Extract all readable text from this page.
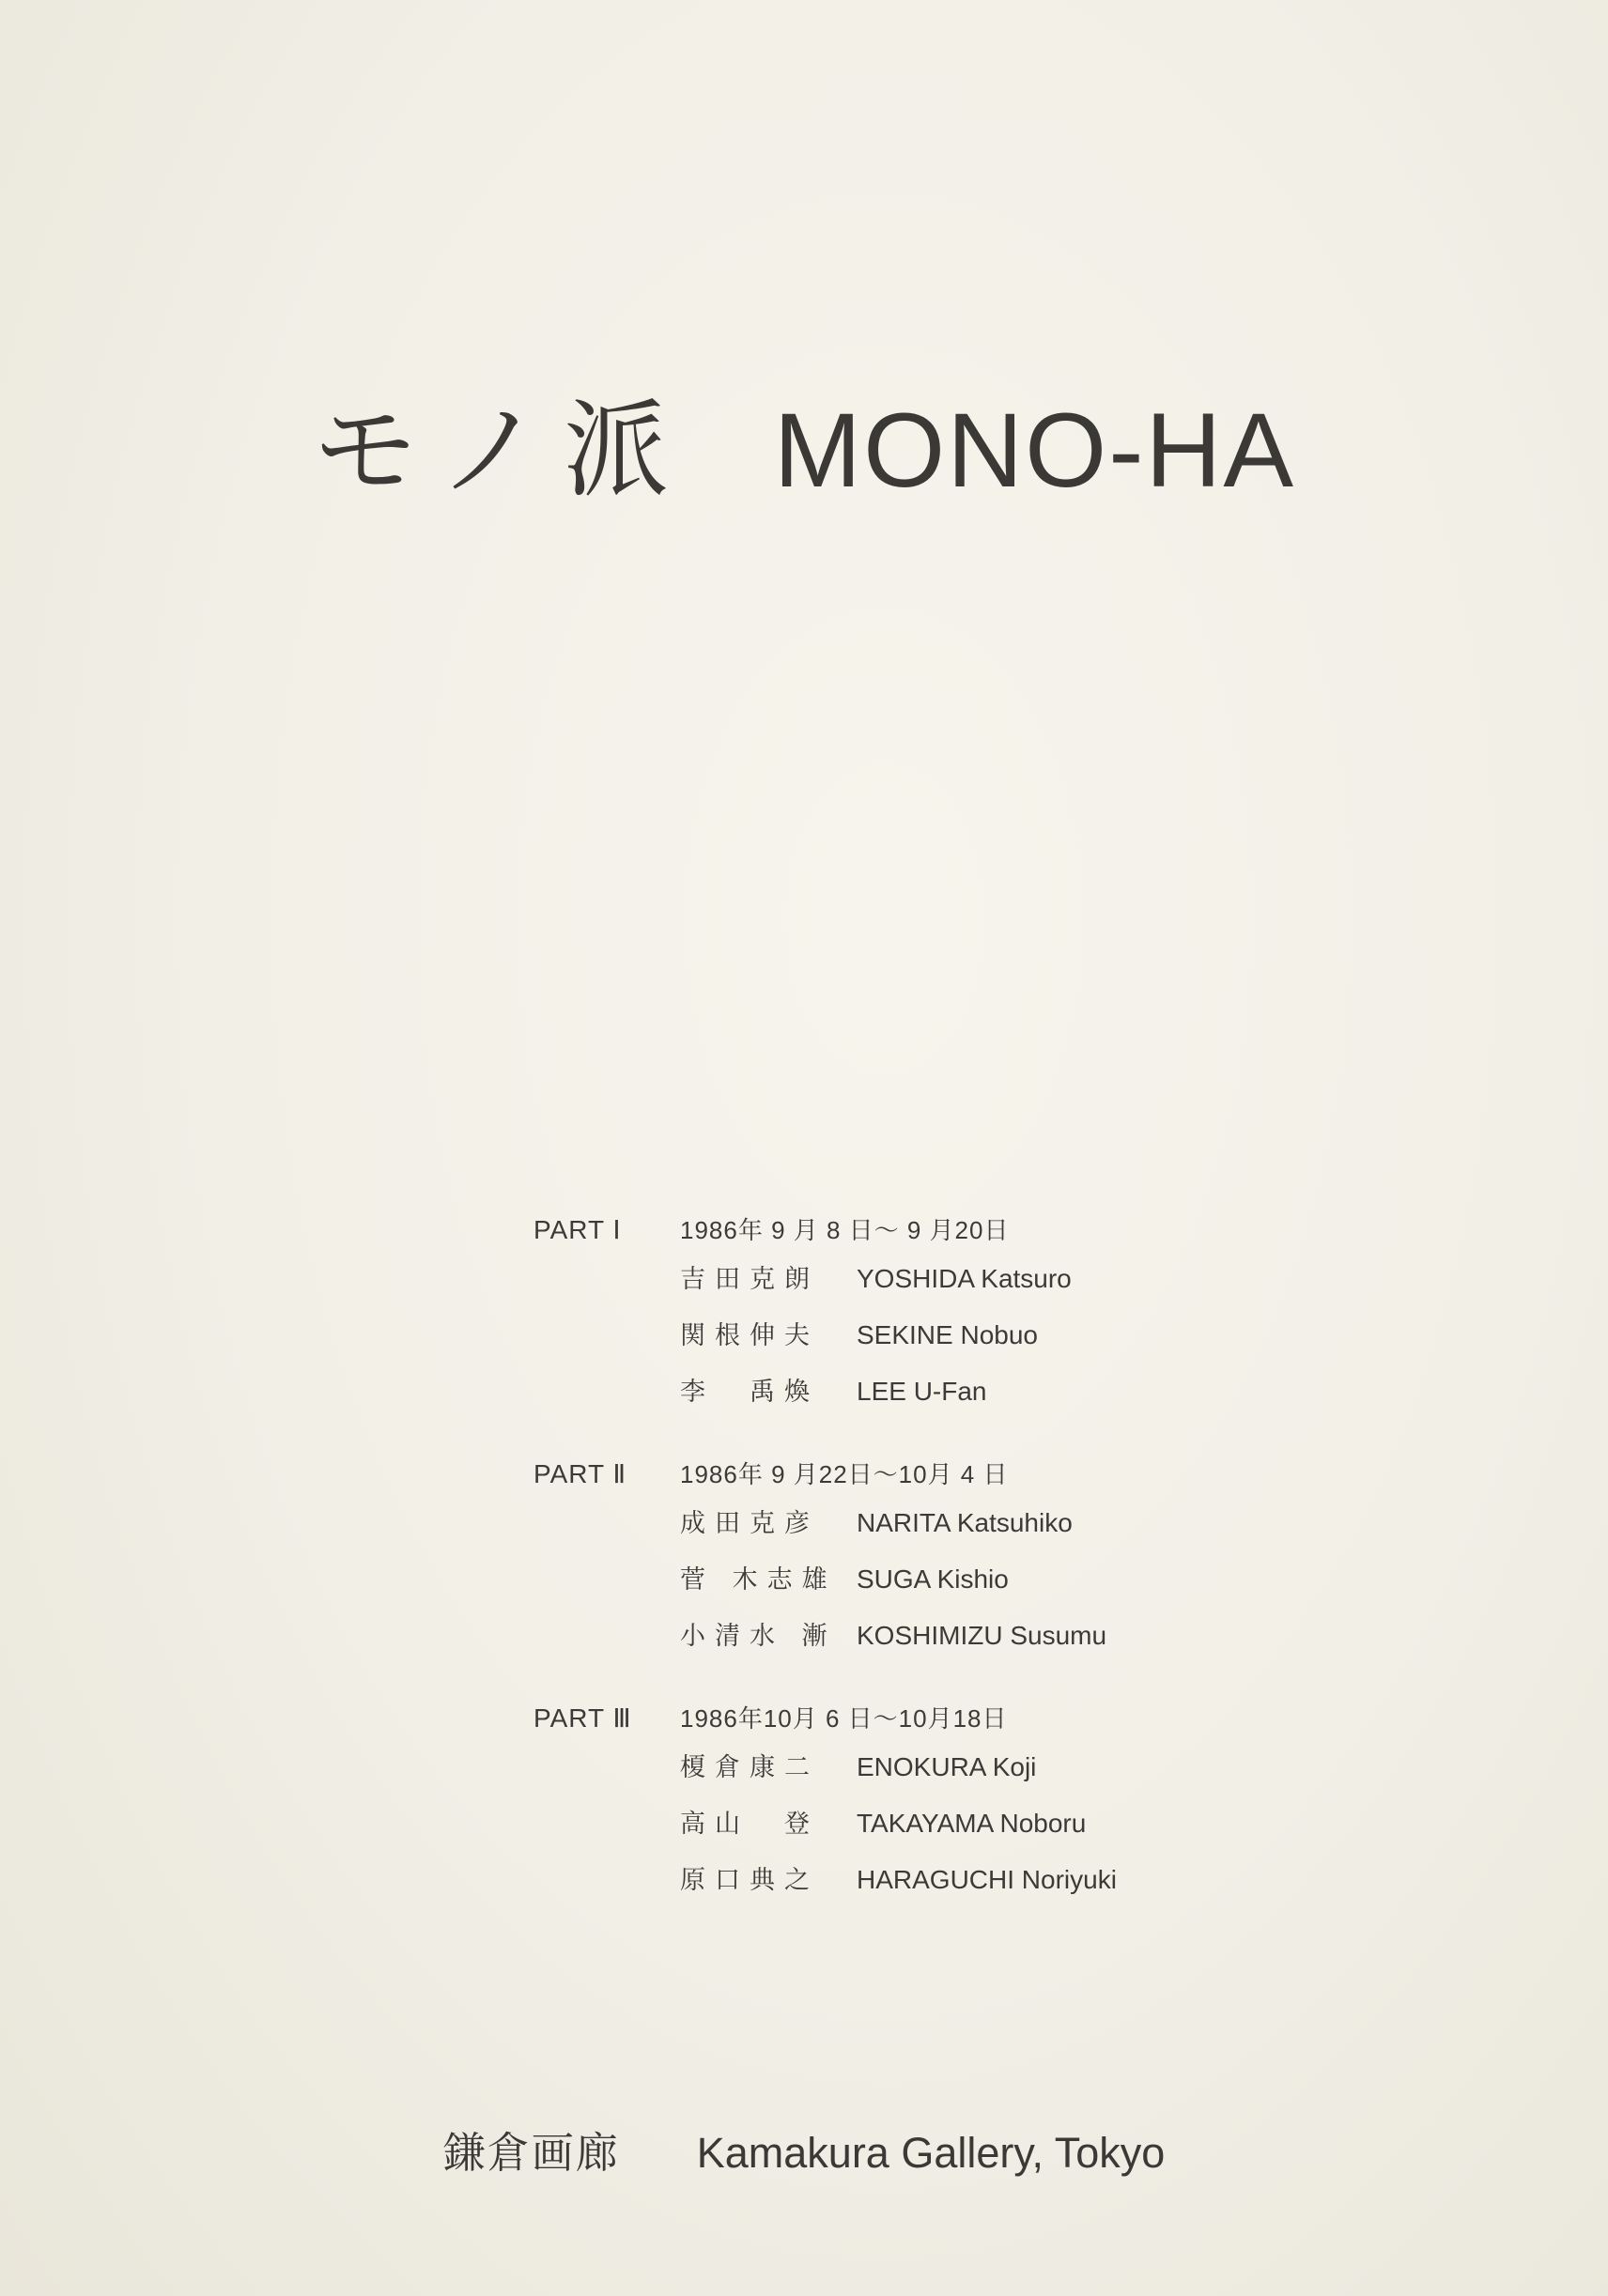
モノ派 MONO-HA
PART Ⅰ 1986年 9 月 8 日～ 9 月20日
吉田克朗 YOSHIDA Katsuro
関根伸夫 SEKINE Nobuo
李　禹煥 LEE U-Fan
PART Ⅱ 1986年 9 月22日～10月 4 日
成田克彦 NARITA Katsuhiko
菅 木志雄 SUGA Kishio
小清水 漸 KOSHIMIZU Susumu
PART Ⅲ 1986年10月 6 日～10月18日
榎倉康二 ENOKURA Koji
高山　登 TAKAYAMA Noboru
原口典之 HARAGUCHI Noriyuki
鎌倉画廊 Kamakura Gallery, Tokyo
